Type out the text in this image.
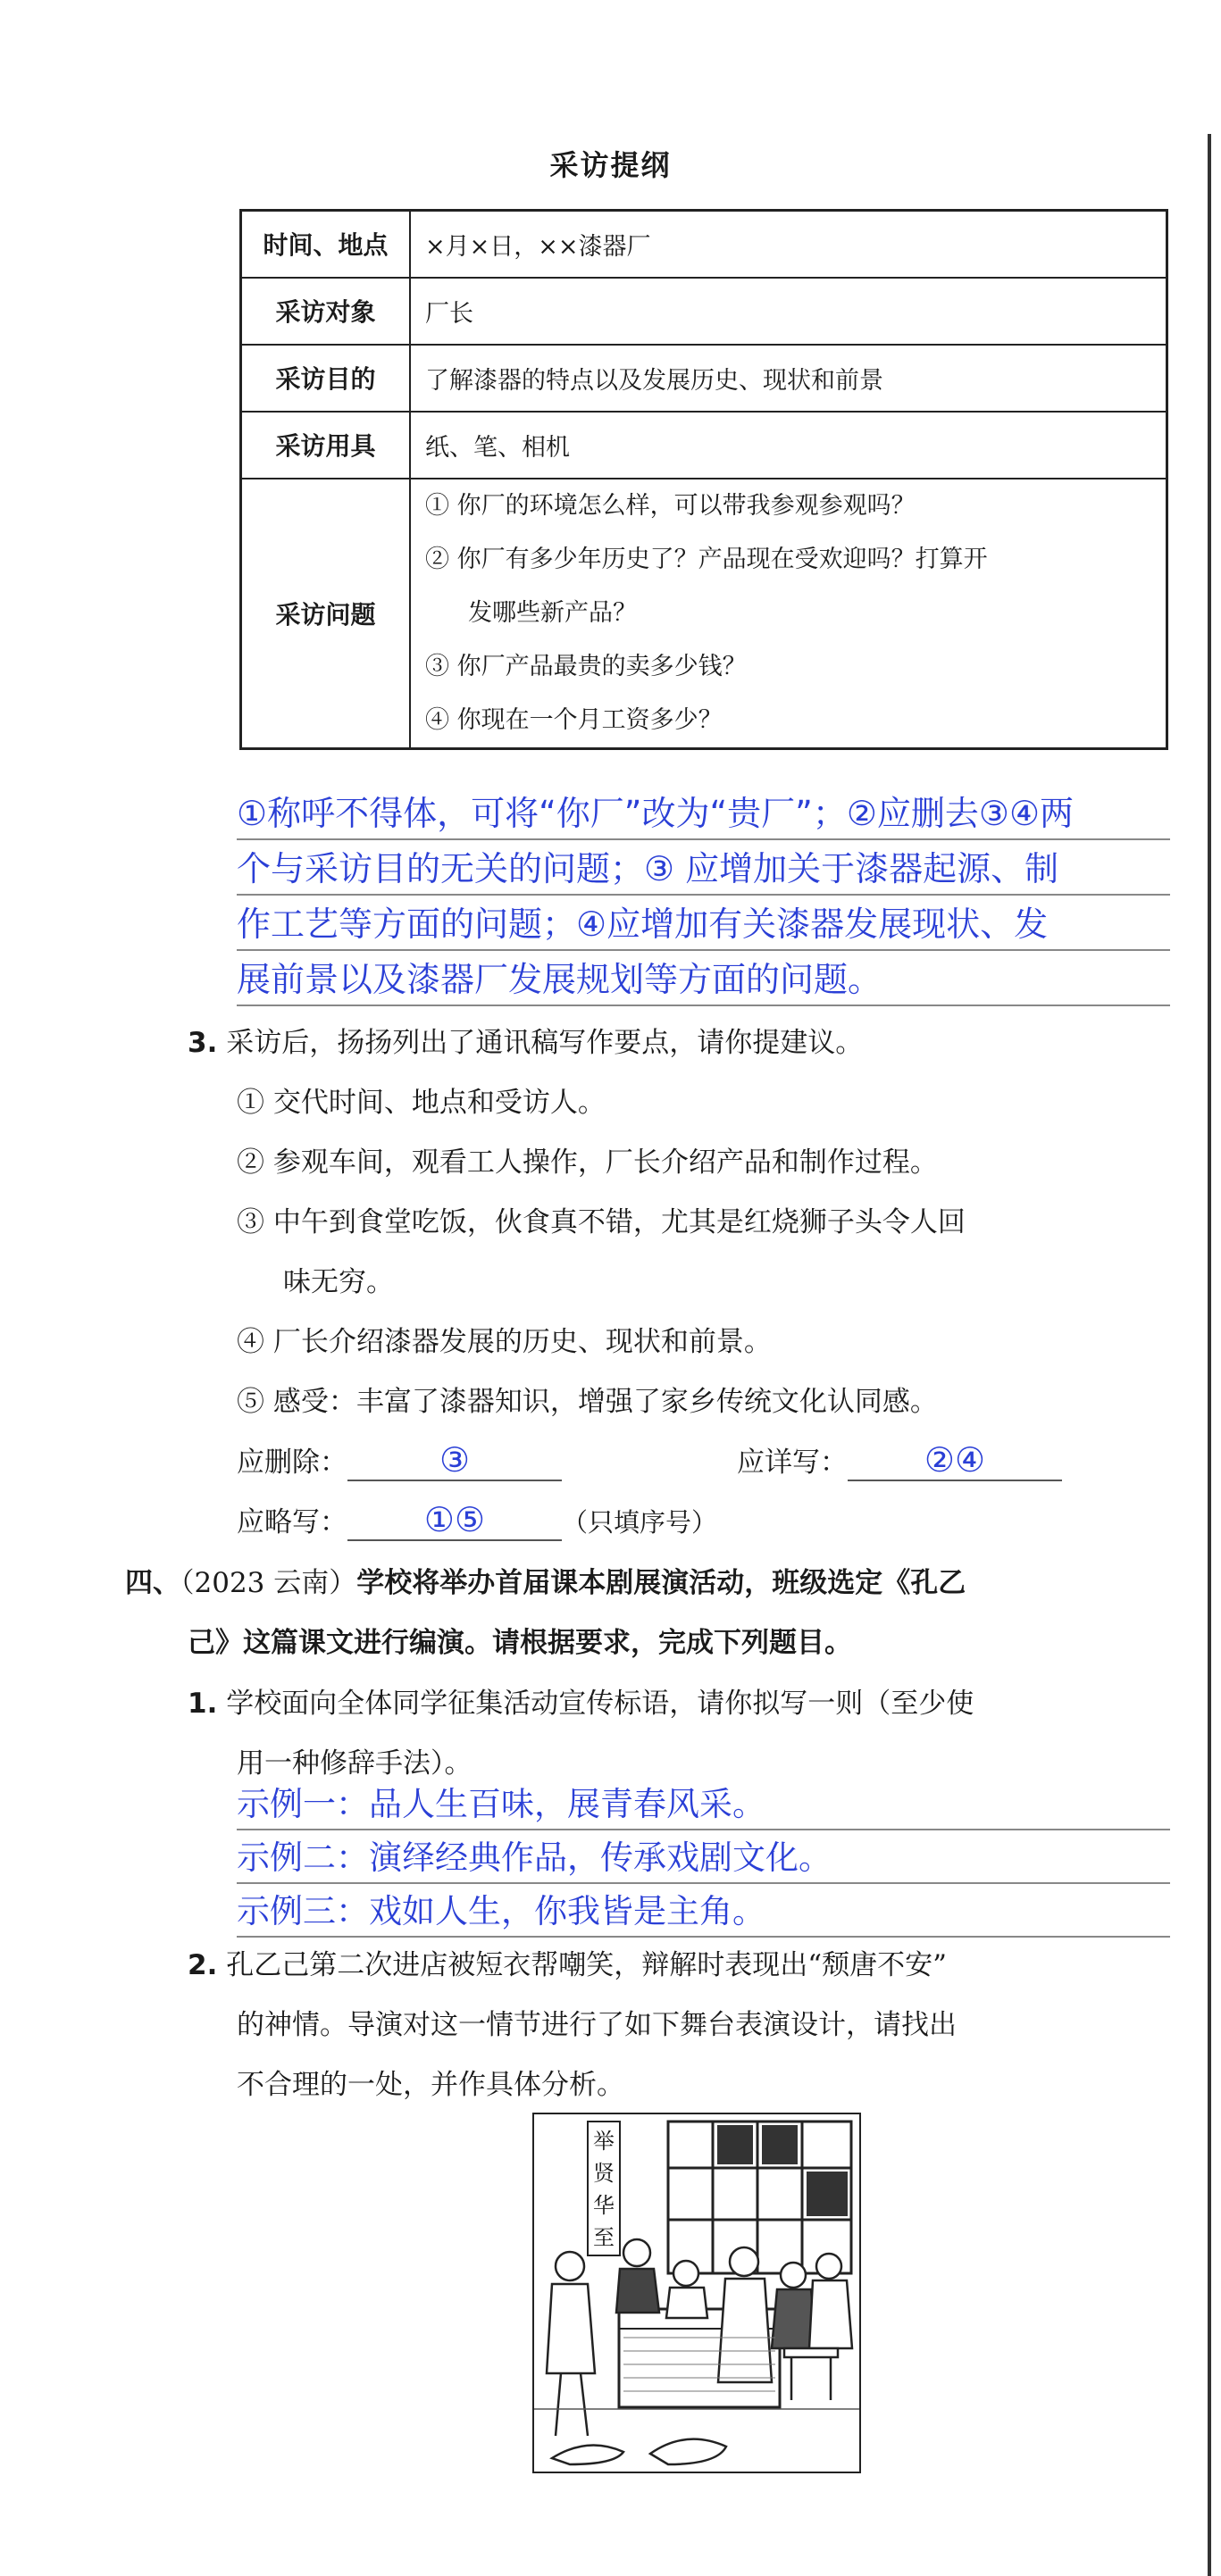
采访提纲
时间、地点	×月×日，××漆器厂
采访对象	厂长
采访目的	了解漆器的特点以及发展历史、现状和前景
采访用具	纸、笔、相机
采访问题	① 你厂的环境怎么样，可以带我参观参观吗？
② 你厂有多少年历史了？产品现在受欢迎吗？打算开
发哪些新产品？
③ 你厂产品最贵的卖多少钱？
④ 你现在一个月工资多少？
①称呼不得体，可将“你厂”改为“贵厂”；②应删去③④两
个与采访目的无关的问题；③ 应增加关于漆器起源、制
作工艺等方面的问题；④应增加有关漆器发展现状、发
展前景以及漆器厂发展规划等方面的问题。
3. 采访后，扬扬列出了通讯稿写作要点，请你提建议。
① 交代时间、地点和受访人。
② 参观车间，观看工人操作，厂长介绍产品和制作过程。
③ 中午到食堂吃饭，伙食真不错，尤其是红烧狮子头令人回
味无穷。
④ 厂长介绍漆器发展的历史、现状和前景。
⑤ 感受：丰富了漆器知识，增强了家乡传统文化认同感。
应删除：	③	应详写： ②④
应略写： ①⑤	（只填序号）
四、（2023 云南）学校将举办首届课本剧展演活动，班级选定《孔乙
己》这篇课文进行编演。请根据要求，完成下列题目。
1. 学校面向全体同学征集活动宣传标语，请你拟写一则（至少使
用一种修辞手法）。
示例一：品人生百味，展青春风采。
示例二：演绎经典作品，传承戏剧文化。
示例三：戏如人生，你我皆是主角。
2. 孔乙己第二次进店被短衣帮嘲笑，辩解时表现出“颓唐不安”
的神情。导演对这一情节进行了如下舞台表演设计，请找出
不合理的一处，并作具体分析。
举
贤
华
至
